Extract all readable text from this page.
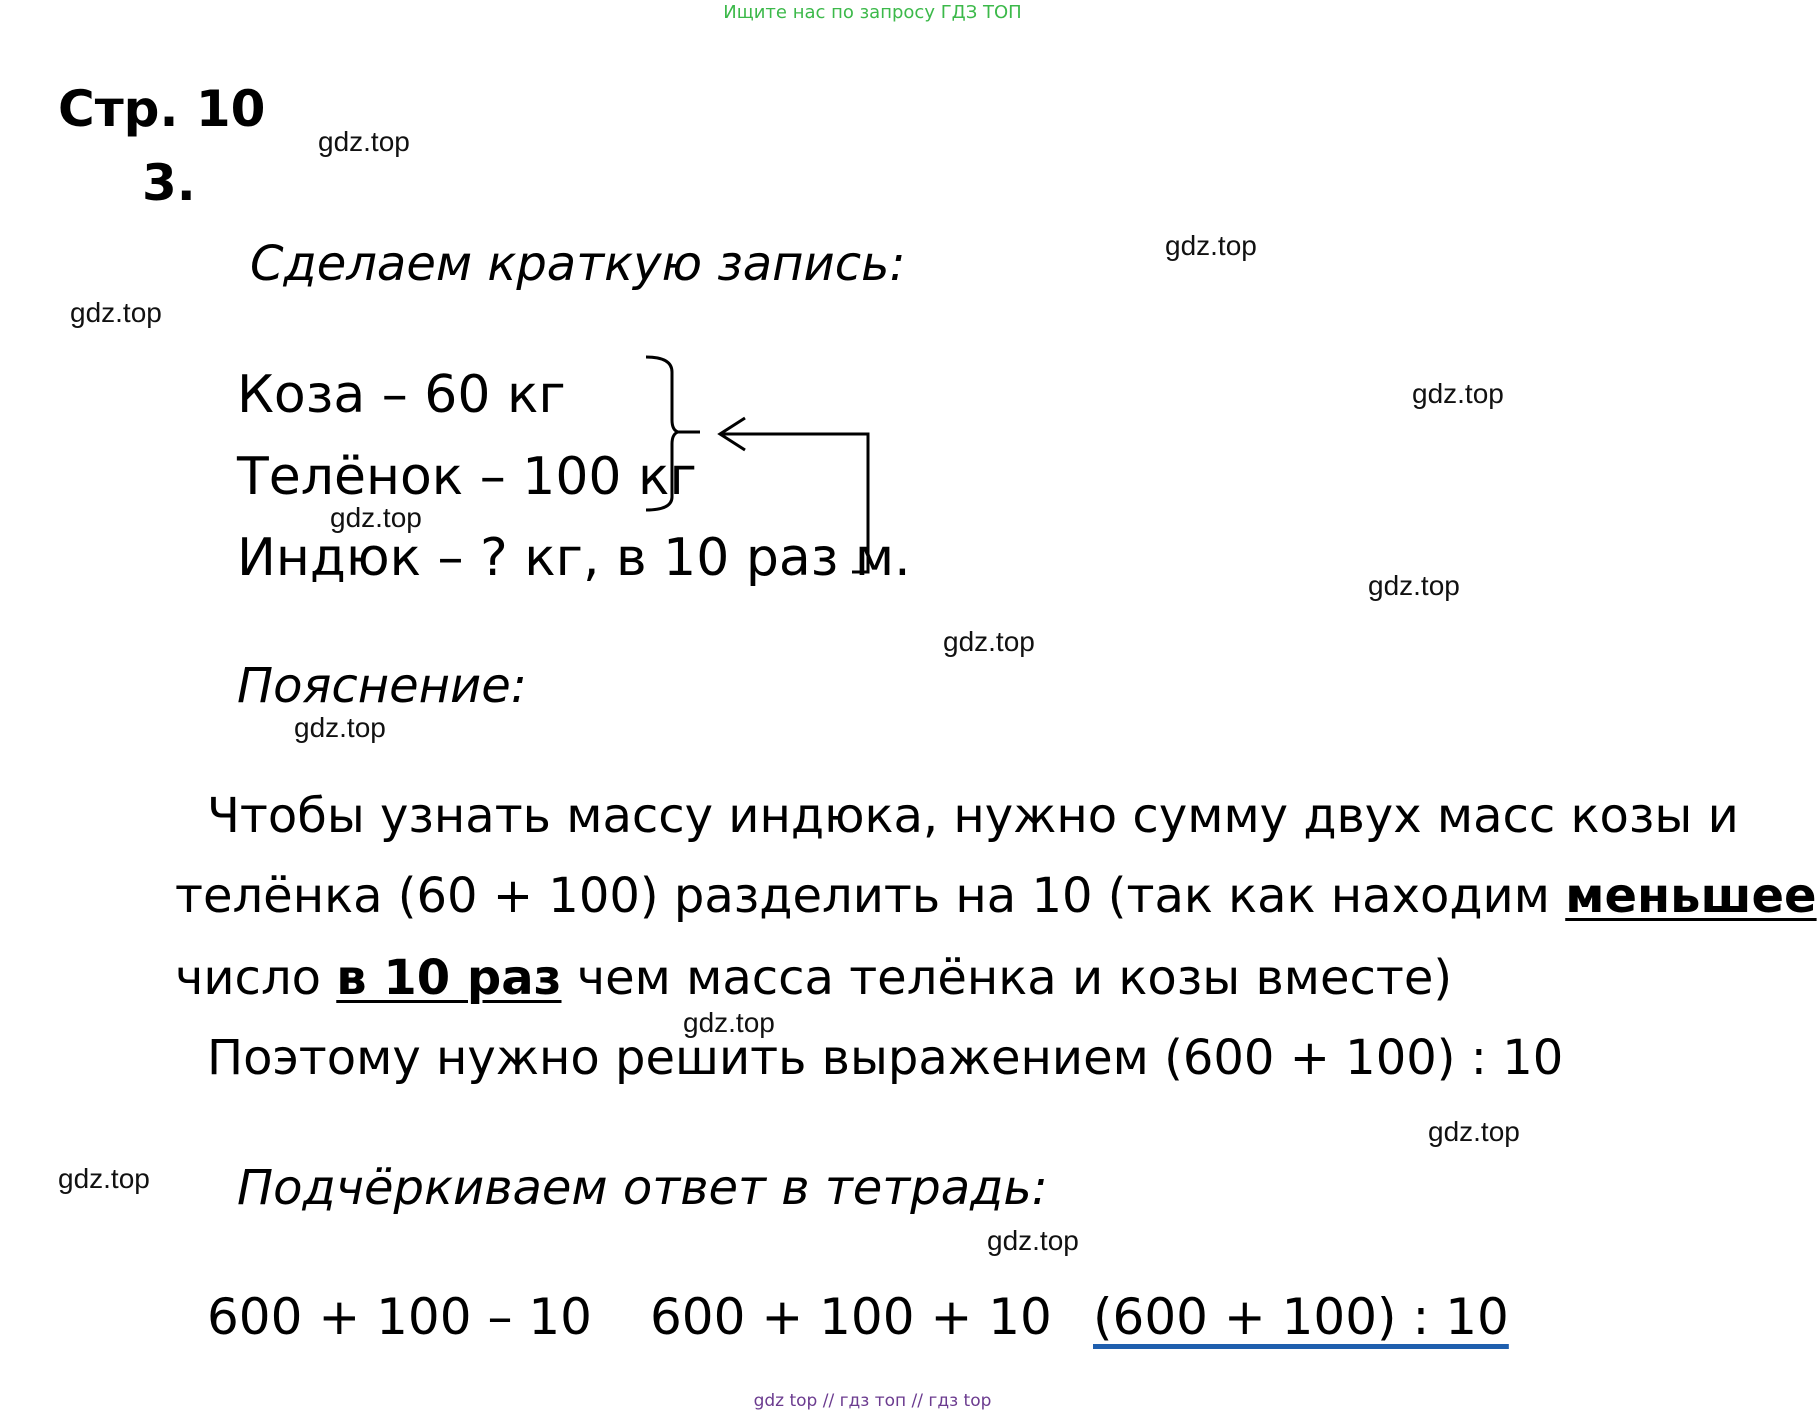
Ищите нас по запросу ГДЗ ТОП
Стр. 10
3.
Сделаем краткую запись:
Коза – 60 кг
Телёнок – 100 кг
Индюк – ? кг, в 10 раз м.
Пояснение:
Чтобы узнать массу индюка, нужно сумму двух масс козы и
телёнка (60 + 100) разделить на 10 (так как находим меньшее
число в 10 раз чем масса телёнка и козы вместе)
Поэтому нужно решить выражением (600 + 100) : 10
Подчёркиваем ответ в тетрадь:
600 + 100 – 10 600 + 100 + 10 (600 + 100) : 10
gdz.top
gdz.top
gdz.top
gdz.top
gdz.top
gdz.top
gdz.top
gdz.top
gdz.top
gdz.top
gdz.top
gdz.top
gdz top // гдз топ // гдз top
